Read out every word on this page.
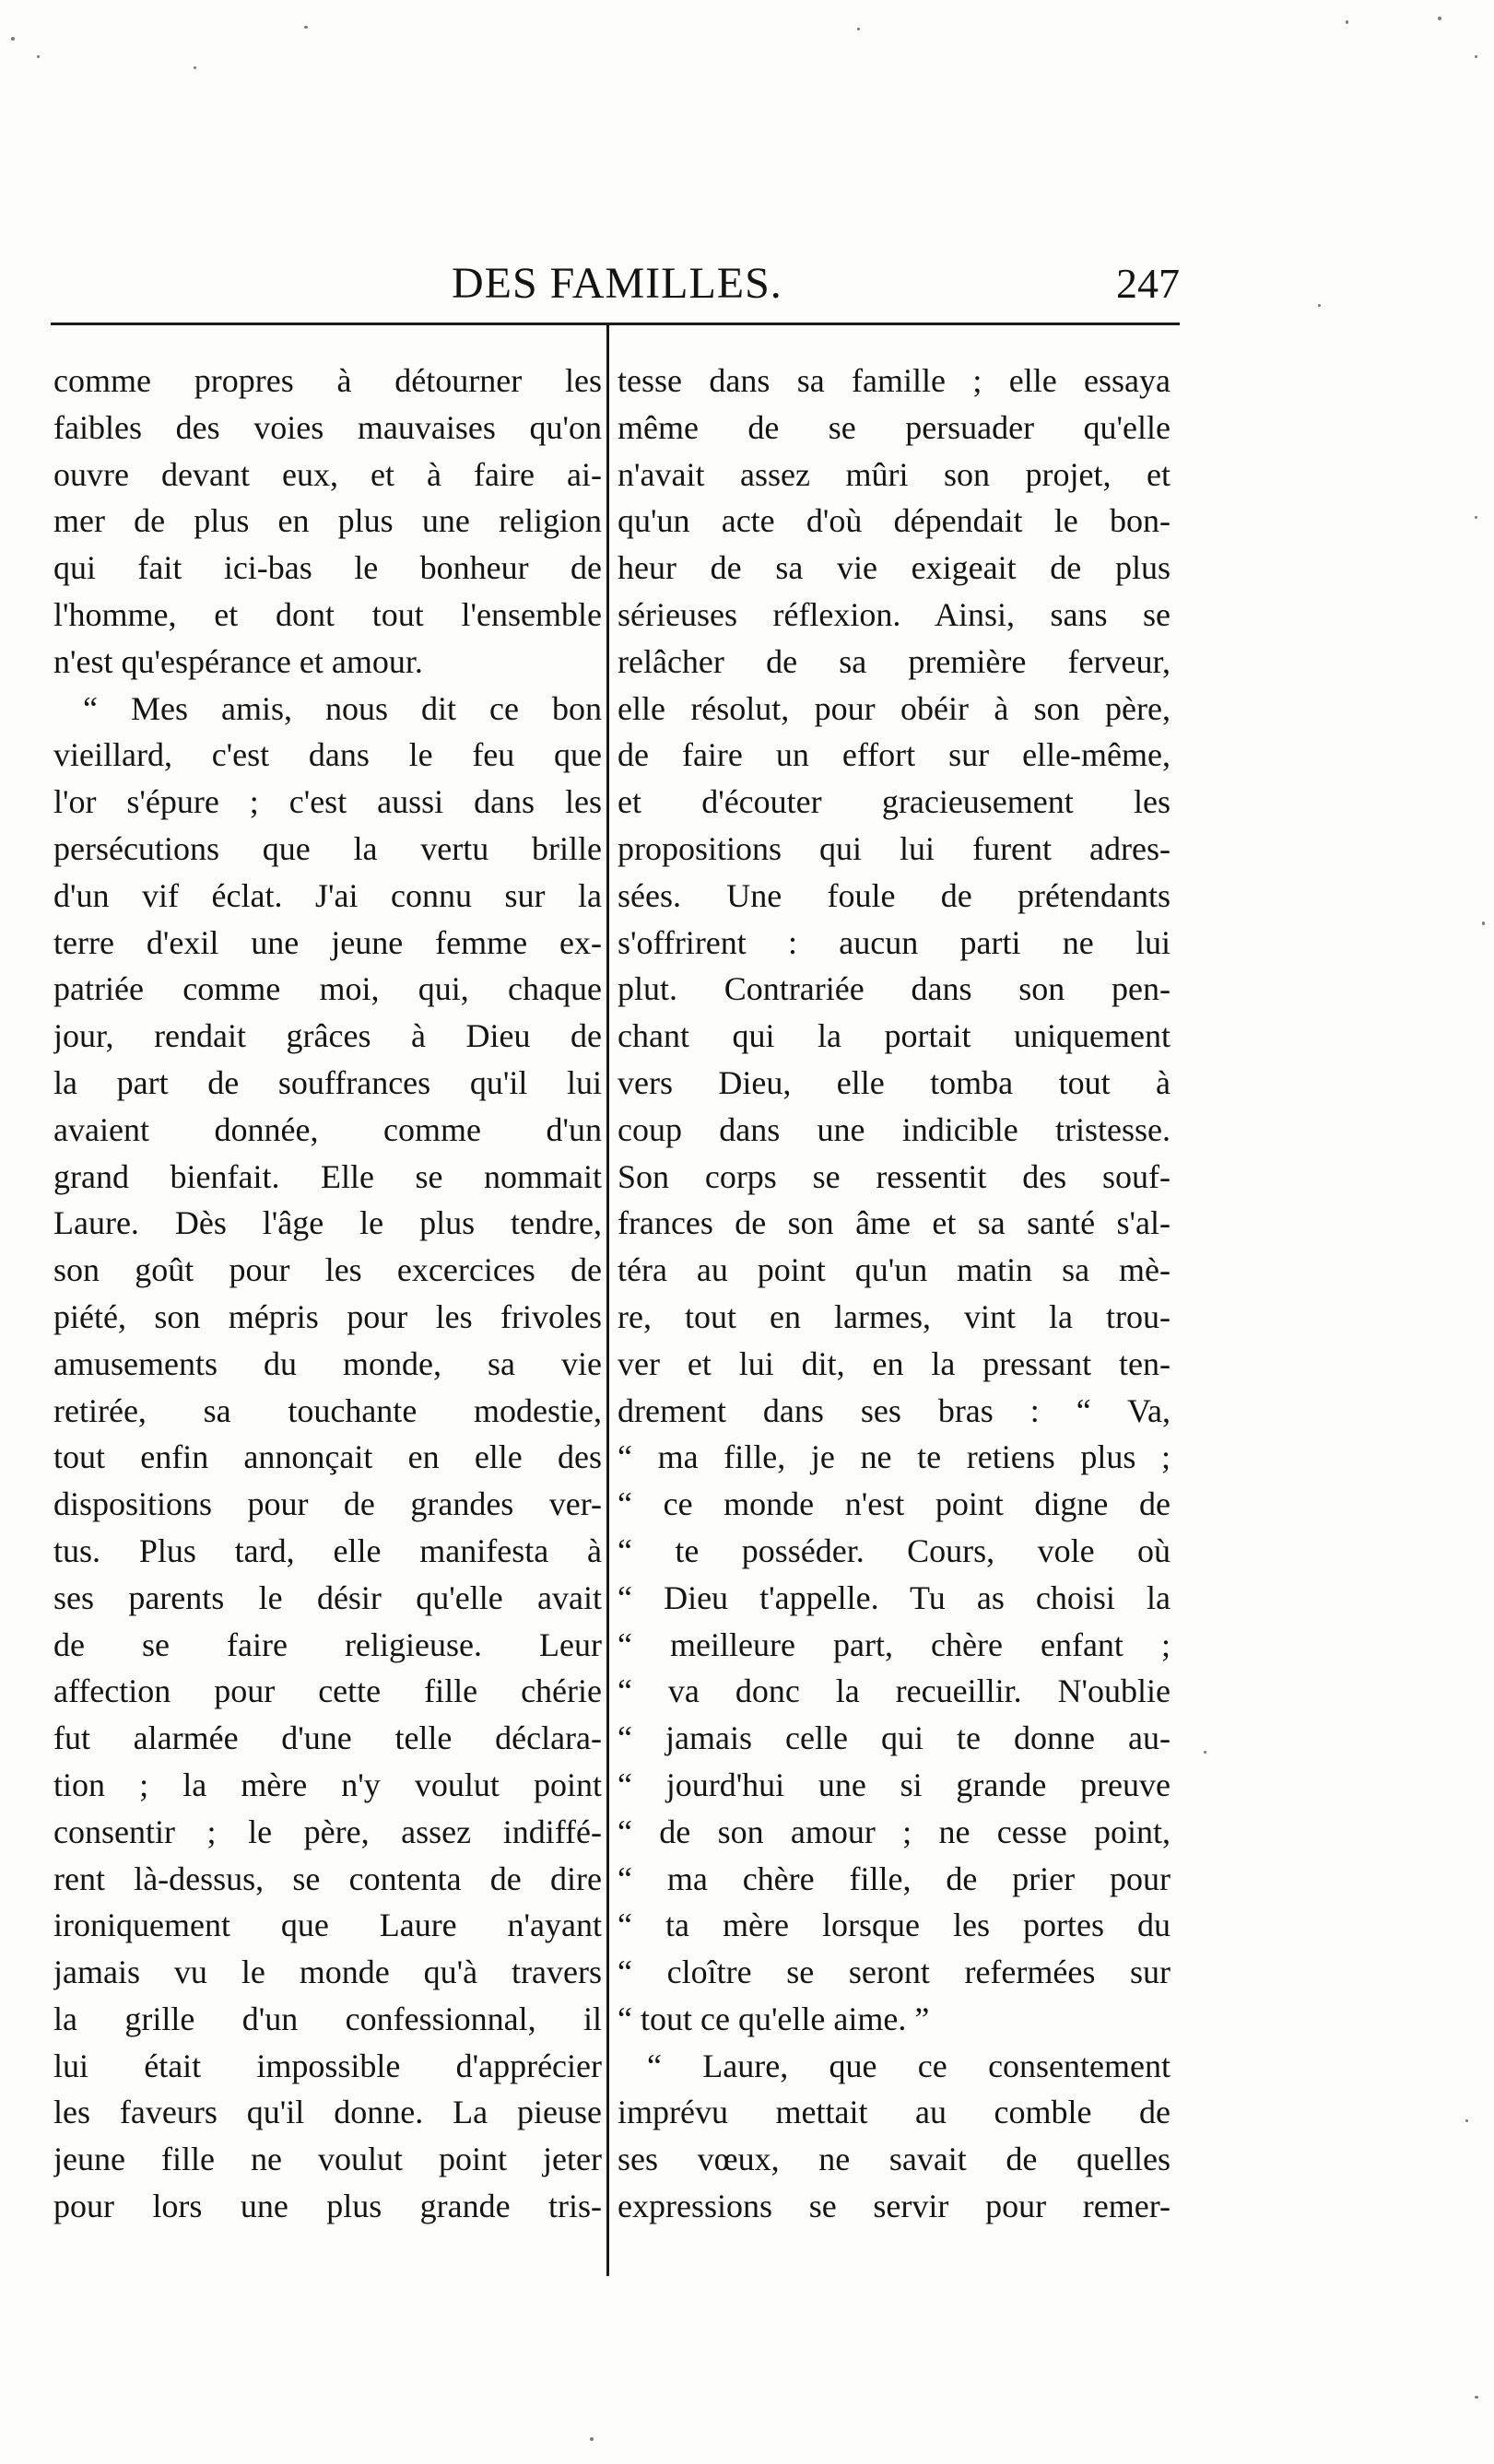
DES FAMILLES.	247
comme propres à détourner les
faibles des voies mauvaises qu'on
ouvre devant eux, et à faire ai-
mer de plus en plus une religion
qui fait ici-bas le bonheur de
l'homme, et dont tout l'ensemble
n'est qu'espérance et amour.
“ Mes amis, nous dit ce bon
vieillard, c'est dans le feu que
l'or s'épure ; c'est aussi dans les
persécutions que la vertu brille
d'un vif éclat. J'ai connu sur la
terre d'exil une jeune femme ex-
patriée comme moi, qui, chaque
jour, rendait grâces à Dieu de
la part de souffrances qu'il lui
avaient donnée, comme d'un
grand bienfait. Elle se nommait
Laure. Dès l'âge le plus tendre,
son goût pour les excercices de
piété, son mépris pour les frivoles
amusements du monde, sa vie
retirée, sa touchante modestie,
tout enfin annonçait en elle des
dispositions pour de grandes ver-
tus. Plus tard, elle manifesta à
ses parents le désir qu'elle avait
de se faire religieuse. Leur
affection pour cette fille chérie
fut alarmée d'une telle déclara-
tion ; la mère n'y voulut point
consentir ; le père, assez indiffé-
rent là-dessus, se contenta de dire
ironiquement que Laure n'ayant
jamais vu le monde qu'à travers
la grille d'un confessionnal, il
lui était impossible d'apprécier
les faveurs qu'il donne. La pieuse
jeune fille ne voulut point jeter
pour lors une plus grande tris-
tesse dans sa famille ; elle essaya
même de se persuader qu'elle
n'avait assez mûri son projet, et
qu'un acte d'où dépendait le bon-
heur de sa vie exigeait de plus
sérieuses réflexion. Ainsi, sans se
relâcher de sa première ferveur,
elle résolut, pour obéir à son père,
de faire un effort sur elle-même,
et d'écouter gracieusement les
propositions qui lui furent adres-
sées. Une foule de prétendants
s'offrirent : aucun parti ne lui
plut. Contrariée dans son pen-
chant qui la portait uniquement
vers Dieu, elle tomba tout à
coup dans une indicible tristesse.
Son corps se ressentit des souf-
frances de son âme et sa santé s'al-
téra au point qu'un matin sa mè-
re, tout en larmes, vint la trou-
ver et lui dit, en la pressant ten-
drement dans ses bras : “ Va,
“ ma fille, je ne te retiens plus ;
“ ce monde n'est point digne de
“ te posséder. Cours, vole où
“ Dieu t'appelle. Tu as choisi la
“ meilleure part, chère enfant ;
“ va donc la recueillir. N'oublie
“ jamais celle qui te donne au-
“ jourd'hui une si grande preuve
“ de son amour ; ne cesse point,
“ ma chère fille, de prier pour
“ ta mère lorsque les portes du
“ cloître se seront refermées sur
“ tout ce qu'elle aime. ”
“ Laure, que ce consentement
imprévu mettait au comble de
ses vœux, ne savait de quelles
expressions se servir pour remer-
